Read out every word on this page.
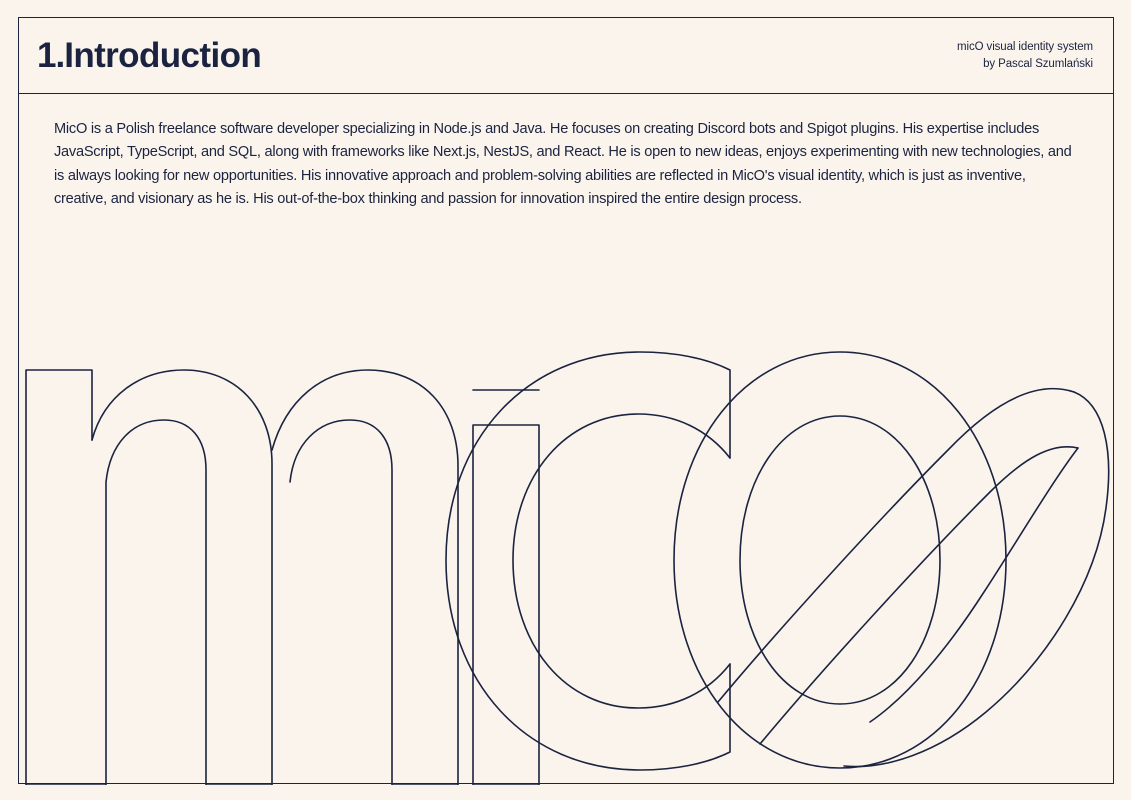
1.Introduction	micO visual identity system
by Pascal Szumlański
MicO is a Polish freelance software developer specializing in Node.js and Java. He focuses on creating Discord bots and Spigot plugins. His expertise includes JavaScript, TypeScript, and SQL, along with frameworks like Next.js, NestJS, and React. He is open to new ideas, enjoys experimenting with new technologies, and is always looking for new opportunities. His innovative approach and problem-solving abilities are reflected in MicO's visual identity, which is just as inventive, creative, and visionary as he is. His out-of-the-box thinking and passion for innovation inspired the entire design process.
